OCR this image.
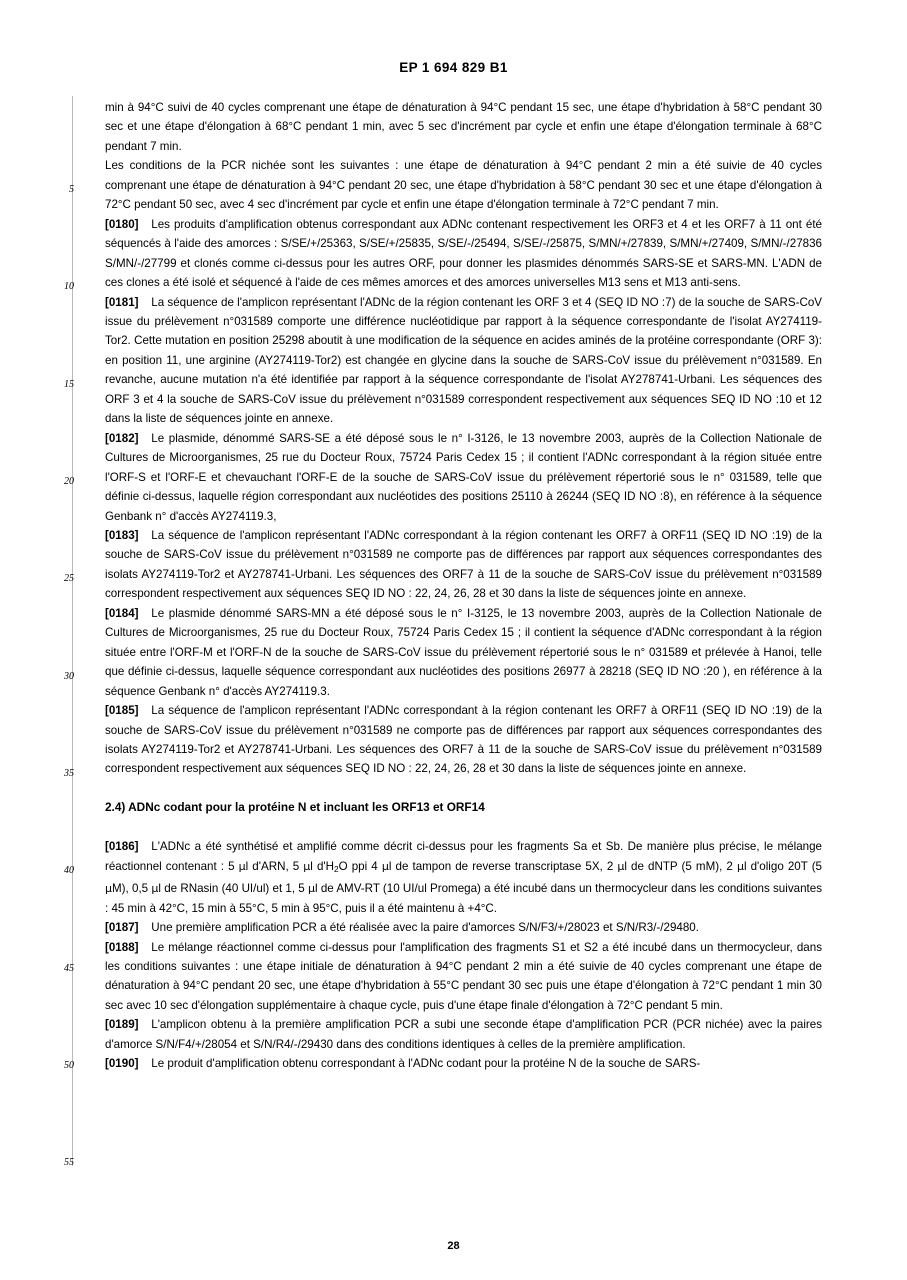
EP 1 694 829 B1
5
10
15
20
25
30
35
40
45
50
55

min à 94°C suivi de 40 cycles comprenant une étape de dénaturation à 94°C pendant 15 sec, une étape d'hybridation à 58°C pendant 30 sec et une étape d'élongation à 68°C pendant 1 min, avec 5 sec d'incrément par cycle et enfin une étape d'élongation terminale à 68°C pendant 7 min.

Les conditions de la PCR nichée sont les suivantes : une étape de dénaturation à 94°C pendant 2 min a été suivie de 40 cycles comprenant une étape de dénaturation à 94°C pendant 20 sec, une étape d'hybridation à 58°C pendant 30 sec et une étape d'élongation à 72°C pendant 50 sec, avec 4 sec d'incrément par cycle et enfin une étape d'élongation terminale à 72°C pendant 7 min.

[0180] Les produits d'amplification obtenus correspondant aux ADNc contenant respectivement les ORF3 et 4 et les ORF7 à 11 ont été séquencés à l'aide des amorces : S/SE/+/25363, S/SE/+/25835, S/SE/-/25494, S/SE/-/25875, S/MN/+/27839, S/MN/+/27409, S/MN/-/27836 S/MN/-/27799 et clonés comme ci-dessus pour les autres ORF, pour donner les plasmides dénommés SARS-SE et SARS-MN. L'ADN de ces clones a été isolé et séquencé à l'aide de ces mêmes amorces et des amorces universelles M13 sens et M13 anti-sens.

[0181] La séquence de l'amplicon représentant l'ADNc de la région contenant les ORF 3 et 4 (SEQ ID NO :7) de la souche de SARS-CoV issue du prélèvement n°031589 comporte une différence nucléotidique par rapport à la séquence correspondante de l'isolat AY274119-Tor2. Cette mutation en position 25298 aboutit à une modification de la séquence en acides aminés de la protéine correspondante (ORF 3): en position 11, une arginine (AY274119-Tor2) est changée en glycine dans la souche de SARS-CoV issue du prélèvement n°031589. En revanche, aucune mutation n'a été identifiée par rapport à la séquence correspondante de l'isolat AY278741-Urbani. Les séquences des ORF 3 et 4 la souche de SARS-CoV issue du prélèvement n°031589 correspondent respectivement aux séquences SEQ ID NO :10 et 12 dans la liste de séquences jointe en annexe.

[0182] Le plasmide, dénommé SARS-SE a été déposé sous le n° I-3126, le 13 novembre 2003, auprès de la Collection Nationale de Cultures de Microorganismes, 25 rue du Docteur Roux, 75724 Paris Cedex 15 ; il contient l'ADNc correspondant à la région située entre l'ORF-S et l'ORF-E et chevauchant l'ORF-E de la souche de SARS-CoV issue du prélèvement répertorié sous le n° 031589, telle que définie ci-dessus, laquelle région correspondant aux nucléotides des positions 25110 à 26244 (SEQ ID NO :8), en référence à la séquence Genbank n° d'accès AY274119.3,

[0183] La séquence de l'amplicon représentant l'ADNc correspondant à la région contenant les ORF7 à ORF11 (SEQ ID NO :19) de la souche de SARS-CoV issue du prélèvement n°031589 ne comporte pas de différences par rapport aux séquences correspondantes des isolats AY274119-Tor2 et AY278741-Urbani. Les séquences des ORF7 à 11 de la souche de SARS-CoV issue du prélèvement n°031589 correspondent respectivement aux séquences SEQ ID NO : 22, 24, 26, 28 et 30 dans la liste de séquences jointe en annexe.

[0184] Le plasmide dénommé SARS-MN a été déposé sous le n° I-3125, le 13 novembre 2003, auprès de la Collection Nationale de Cultures de Microorganismes, 25 rue du Docteur Roux, 75724 Paris Cedex 15 ; il contient la séquence d'ADNc correspondant à la région située entre l'ORF-M et l'ORF-N de la souche de SARS-CoV issue du prélèvement répertorié sous le n° 031589 et prélevée à Hanoi, telle que définie ci-dessus, laquelle séquence correspondant aux nucléotides des positions 26977 à 28218 (SEQ ID NO :20 ), en référence à la séquence Genbank n° d'accès AY274119.3.

[0185] La séquence de l'amplicon représentant l'ADNc correspondant à la région contenant les ORF7 à ORF11 (SEQ ID NO :19) de la souche de SARS-CoV issue du prélèvement n°031589 ne comporte pas de différences par rapport aux séquences correspondantes des isolats AY274119-Tor2 et AY278741-Urbani. Les séquences des ORF7 à 11 de la souche de SARS-CoV issue du prélèvement n°031589 correspondent respectivement aux séquences SEQ ID NO : 22, 24, 26, 28 et 30 dans la liste de séquences jointe en annexe.

2.4) ADNc codant pour la protéine N et incluant les ORF13 et ORF14

[0186] L'ADNc a été synthétisé et amplifié comme décrit ci-dessus pour les fragments Sa et Sb. De manière plus précise, le mélange réactionnel contenant : 5 μl d'ARN, 5 μl $d'H_2O$ ppi 4 μl de tampon de reverse transcriptase 5X, 2 μl de dNTP (5 mM), 2 μl d'oligo 20T (5 μM), 0,5 μl de RNasin (40 UI/ul) et 1, 5 μl de AMV-RT (10 UI/ul Promega) a été incubé dans un thermocycleur dans les conditions suivantes : 45 min à 42°C, 15 min à 55°C, 5 min à 95°C, puis il a été maintenu à +4°C.

[0187] Une première amplification PCR a été réalisée avec la paire d'amorces S/N/F3/+/28023 et S/N/R3/-/29480.

[0188] Le mélange réactionnel comme ci-dessus pour l'amplification des fragments S1 et S2 a été incubé dans un thermocycleur, dans les conditions suivantes : une étape initiale de dénaturation à 94°C pendant 2 min a été suivie de 40 cycles comprenant une étape de dénaturation à 94°C pendant 20 sec, une étape d'hybridation à 55°C pendant 30 sec puis une étape d'élongation à 72°C pendant 1 min 30 sec avec 10 sec d'élongation supplémentaire à chaque cycle, puis d'une étape finale d'élongation à 72°C pendant 5 min.

[0189] L'amplicon obtenu à la première amplification PCR a subi une seconde étape d'amplification PCR (PCR nichée) avec la paires d'amorce S/N/F4/+/28054 et S/N/R4/-/29430 dans des conditions identiques à celles de la première amplification.

[0190] Le produit d'amplification obtenu correspondant à l'ADNc codant pour la protéine N de la souche de SARS-

28
